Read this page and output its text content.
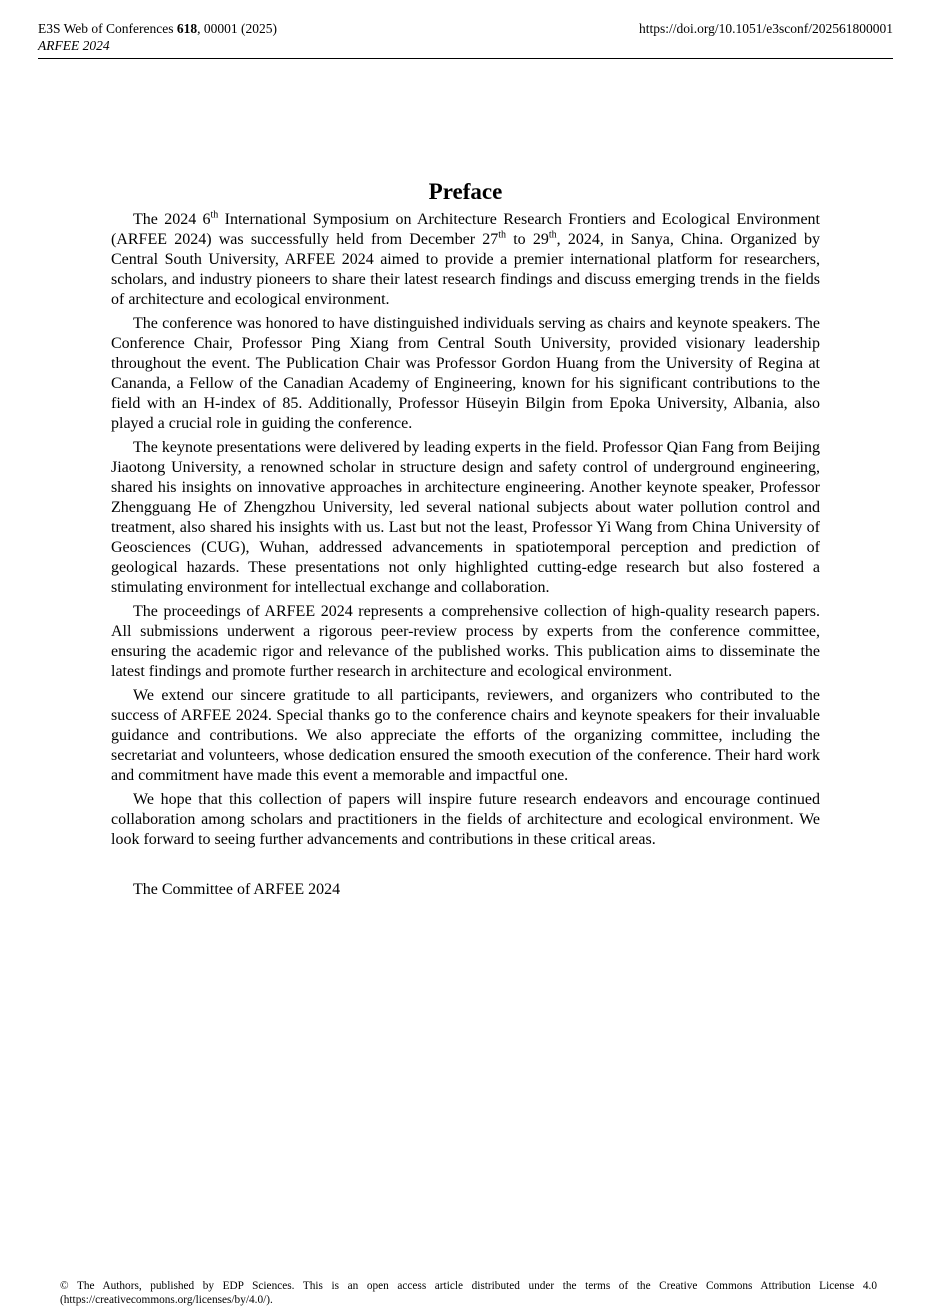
E3S Web of Conferences 618, 00001 (2025)	https://doi.org/10.1051/e3sconf/202561800001
ARFEE 2024
Preface

The 2024 6th International Symposium on Architecture Research Frontiers and Ecological Environment (ARFEE 2024) was successfully held from December 27th to 29th, 2024, in Sanya, China. Organized by Central South University, ARFEE 2024 aimed to provide a premier international platform for researchers, scholars, and industry pioneers to share their latest research findings and discuss emerging trends in the fields of architecture and ecological environment.

The conference was honored to have distinguished individuals serving as chairs and keynote speakers. The Conference Chair, Professor Ping Xiang from Central South University, provided visionary leadership throughout the event. The Publication Chair was Professor Gordon Huang from the University of Regina at Cananda, a Fellow of the Canadian Academy of Engineering, known for his significant contributions to the field with an H-index of 85. Additionally, Professor Hüseyin Bilgin from Epoka University, Albania, also played a crucial role in guiding the conference.

The keynote presentations were delivered by leading experts in the field. Professor Qian Fang from Beijing Jiaotong University, a renowned scholar in structure design and safety control of underground engineering, shared his insights on innovative approaches in architecture engineering. Another keynote speaker, Professor Zhengguang He of Zhengzhou University, led several national subjects about water pollution control and treatment, also shared his insights with us. Last but not the least, Professor Yi Wang from China University of Geosciences (CUG), Wuhan, addressed advancements in spatiotemporal perception and prediction of geological hazards. These presentations not only highlighted cutting-edge research but also fostered a stimulating environment for intellectual exchange and collaboration.

The proceedings of ARFEE 2024 represents a comprehensive collection of high-quality research papers. All submissions underwent a rigorous peer-review process by experts from the conference committee, ensuring the academic rigor and relevance of the published works. This publication aims to disseminate the latest findings and promote further research in architecture and ecological environment.

We extend our sincere gratitude to all participants, reviewers, and organizers who contributed to the success of ARFEE 2024. Special thanks go to the conference chairs and keynote speakers for their invaluable guidance and contributions. We also appreciate the efforts of the organizing committee, including the secretariat and volunteers, whose dedication ensured the smooth execution of the conference. Their hard work and commitment have made this event a memorable and impactful one.

We hope that this collection of papers will inspire future research endeavors and encourage continued collaboration among scholars and practitioners in the fields of architecture and ecological environment. We look forward to seeing further advancements and contributions in these critical areas.

The Committee of ARFEE 2024
© The Authors, published by EDP Sciences. This is an open access article distributed under the terms of the Creative Commons Attribution License 4.0 (https://creativecommons.org/licenses/by/4.0/).
